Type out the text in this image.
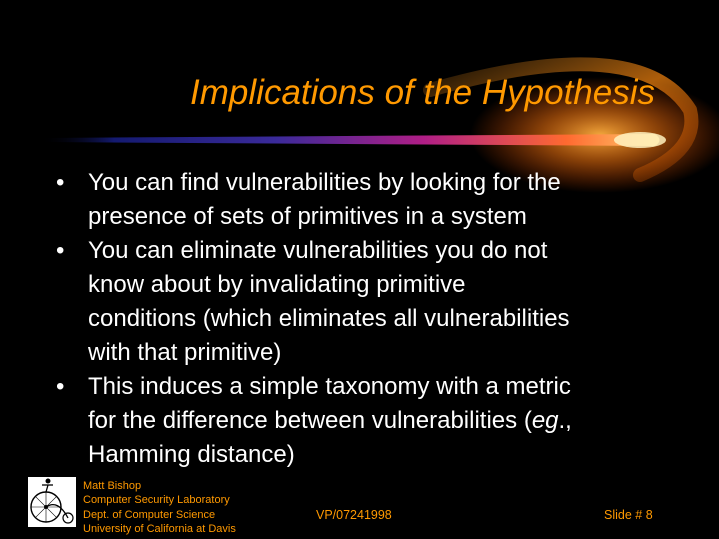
Implications of the Hypothesis
• You can find vulnerabilities by looking for the
presence of sets of primitives in a system
• You can eliminate vulnerabilities you do not
know about by invalidating primitive
conditions (which eliminates all vulnerabilities
with that primitive)
• This induces a simple taxonomy with a metric
for the difference between vulnerabilities (eg.,
Hamming distance)
Matt Bishop
Computer Security Laboratory
Dept. of Computer Science
University of California at Davis
VP/07241998	Slide # 8
